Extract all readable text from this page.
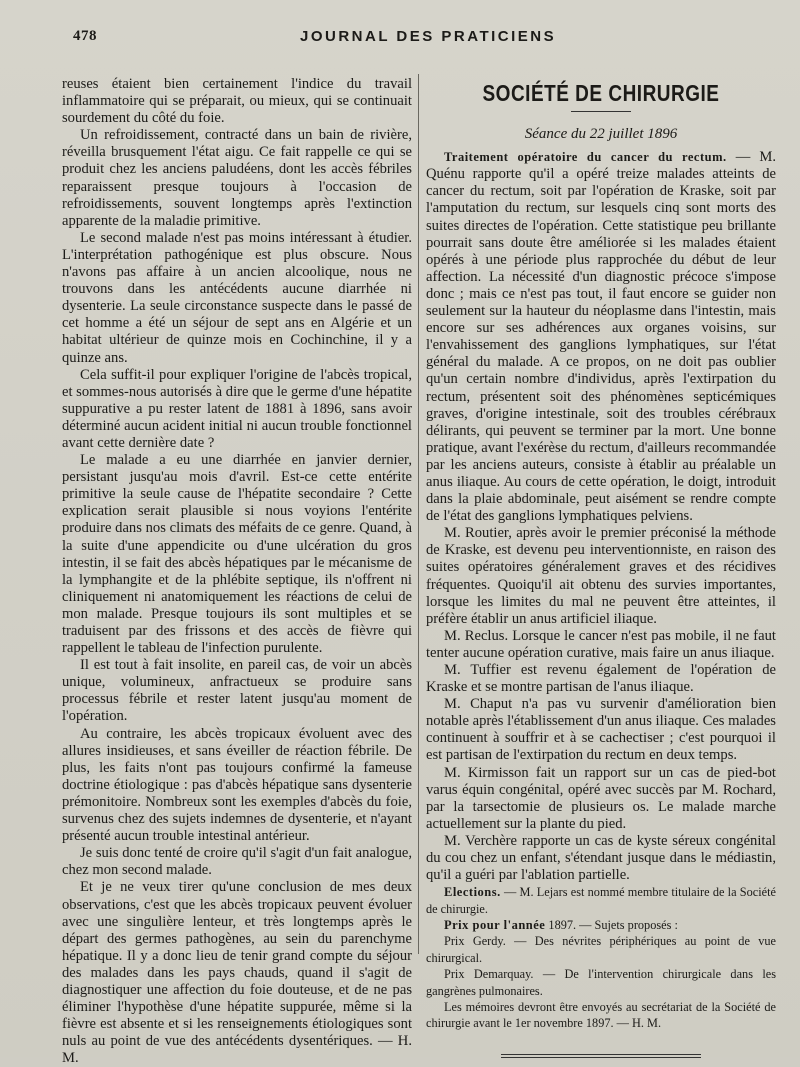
478	JOURNAL DES PRATICIENS

reuses étaient bien certainement l'indice du travail inflammatoire qui se préparait, ou mieux, qui se continuait sourdement du côté du foie.

Un refroidissement, contracté dans un bain de rivière, réveilla brusquement l'état aigu. Ce fait rappelle ce qui se produit chez les anciens paludéens, dont les accès fébriles reparaissent presque toujours à l'occasion de refroidissements, souvent longtemps après l'extinction apparente de la maladie primitive.

Le second malade n'est pas moins intéressant à étudier. L'interprétation pathogénique est plus obscure. Nous n'avons pas affaire à un ancien alcoolique, nous ne trouvons dans les antécédents aucune diarrhée ni dysenterie. La seule circonstance suspecte dans le passé de cet homme a été un séjour de sept ans en Algérie et un habitat ultérieur de quinze mois en Cochinchine, il y a quinze ans.

Cela suffit-il pour expliquer l'origine de l'abcès tropical, et sommes-nous autorisés à dire que le germe d'une hépatite suppurative a pu rester latent de 1881 à 1896, sans avoir déterminé aucun acident initial ni aucun trouble fonctionnel avant cette dernière date ?

Le malade a eu une diarrhée en janvier dernier, persistant jusqu'au mois d'avril. Est-ce cette entérite primitive la seule cause de l'hépatite secondaire ? Cette explication serait plausible si nous voyions l'entérite produire dans nos climats des méfaits de ce genre. Quand, à la suite d'une appendicite ou d'une ulcération du gros intestin, il se fait des abcès hépatiques par le mécanisme de la lymphangite et de la phlébite septique, ils n'offrent ni cliniquement ni anatomiquement les réactions de celui de mon malade. Presque toujours ils sont multiples et se traduisent par des frissons et des accès de fièvre qui rappellent le tableau de l'infection purulente.

Il est tout à fait insolite, en pareil cas, de voir un abcès unique, volumineux, anfractueux se produire sans processus fébrile et rester latent jusqu'au moment de l'opération.

Au contraire, les abcès tropicaux évoluent avec des allures insidieuses, et sans éveiller de réaction fébrile. De plus, les faits n'ont pas toujours confirmé la fameuse doctrine étiologique : pas d'abcès hépatique sans dysenterie prémonitoire. Nombreux sont les exemples d'abcès du foie, survenus chez des sujets indemnes de dysenterie, et n'ayant présenté aucun trouble intestinal antérieur.

Je suis donc tenté de croire qu'il s'agit d'un fait analogue, chez mon second malade.

Et je ne veux tirer qu'une conclusion de mes deux observations, c'est que les abcès tropicaux peuvent évoluer avec une singulière lenteur, et très longtemps après le départ des germes pathogènes, au sein du parenchyme hépatique. Il y a donc lieu de tenir grand compte du séjour des malades dans les pays chauds, quand il s'agit de diagnostiquer une affection du foie douteuse, et de ne pas éliminer l'hypothèse d'une hépatite suppurée, même si la fièvre est absente et si les renseignements étiologiques sont nuls au point de vue des antécédents dysentériques. — H. M.

SOCIÉTÉ DE CHIRURGIE
Séance du 22 juillet 1896

Traitement opératoire du cancer du rectum. — M. Quénu rapporte qu'il a opéré treize malades atteints de cancer du rectum, soit par l'opération de Kraske, soit par l'amputation du rectum, sur lesquels cinq sont morts des suites directes de l'opération. Cette statistique peu brillante pourrait sans doute être améliorée si les malades étaient opérés à une période plus rapprochée du début de leur affection. La nécessité d'un diagnostic précoce s'impose donc ; mais ce n'est pas tout, il faut encore se guider non seulement sur la hauteur du néoplasme dans l'intestin, mais encore sur ses adhérences aux organes voisins, sur l'envahissement des ganglions lymphatiques, sur l'état général du malade. A ce propos, on ne doit pas oublier qu'un certain nombre d'individus, après l'extirpation du rectum, présentent soit des phénomènes septicémiques graves, d'origine intestinale, soit des troubles cérébraux délirants, qui peuvent se terminer par la mort. Une bonne pratique, avant l'exérèse du rectum, d'ailleurs recommandée par les anciens auteurs, consiste à établir au préalable un anus iliaque. Au cours de cette opération, le doigt, introduit dans la plaie abdominale, peut aisément se rendre compte de l'état des ganglions lymphatiques pelviens.

M. Routier, après avoir le premier préconisé la méthode de Kraske, est devenu peu interventionniste, en raison des suites opératoires généralement graves et des récidives fréquentes. Quoiqu'il ait obtenu des survies importantes, lorsque les limites du mal ne peuvent être atteintes, il préfère établir un anus artificiel iliaque.

M. Reclus. Lorsque le cancer n'est pas mobile, il ne faut tenter aucune opération curative, mais faire un anus iliaque.

M. Tuffier est revenu également de l'opération de Kraske et se montre partisan de l'anus iliaque.

M. Chaput n'a pas vu survenir d'amélioration bien notable après l'établissement d'un anus iliaque. Ces malades continuent à souffrir et à se cachectiser ; c'est pourquoi il est partisan de l'extirpation du rectum en deux temps.

M. Kirmisson fait un rapport sur un cas de pied-bot varus équin congénital, opéré avec succès par M. Rochard, par la tarsectomie de plusieurs os. Le malade marche actuellement sur la plante du pied.

M. Verchère rapporte un cas de kyste séreux congénital du cou chez un enfant, s'étendant jusque dans le médiastin, qu'il a guéri par l'ablation partielle.

Elections. — M. Lejars est nommé membre titulaire de la Société de chirurgie.

Prix pour l'année 1897. — Sujets proposés :

Prix Gerdy. — Des névrites périphériques au point de vue chirurgical.

Prix Demarquay. — De l'intervention chirurgicale dans les gangrènes pulmonaires.

Les mémoires devront être envoyés au secrétariat de la Société de chirurgie avant le 1er novembre 1897. — H. M.
